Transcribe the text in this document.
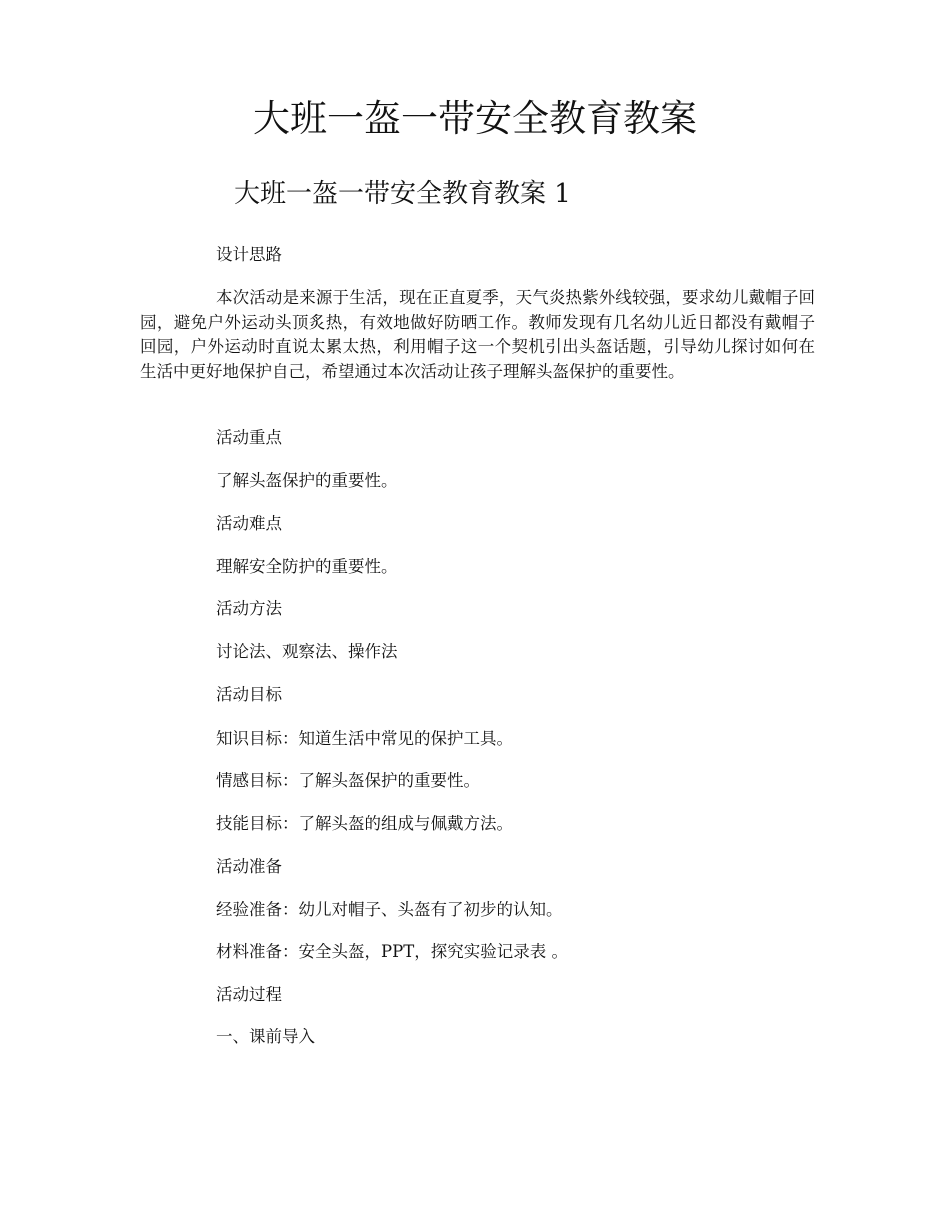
大班一盔一带安全教育教案
大班一盔一带安全教育教案 1

设计思路

本次活动是来源于生活，现在正直夏季，天气炎热紫外线较强，要求幼儿戴帽子回园，避免户外运动头顶炙热，有效地做好防晒工作。教师发现有几名幼儿近日都没有戴帽子回园，户外运动时直说太累太热，利用帽子这一个契机引出头盔话题，引导幼儿探讨如何在生活中更好地保护自己，希望通过本次活动让孩子理解头盔保护的重要性。

活动重点

了解头盔保护的重要性。

活动难点

理解安全防护的重要性。

活动方法

讨论法、观察法、操作法

活动目标

知识目标：知道生活中常见的保护工具。

情感目标：了解头盔保护的重要性。

技能目标：了解头盔的组成与佩戴方法。

活动准备

经验准备：幼儿对帽子、头盔有了初步的认知。

材料准备：安全头盔，PPT，探究实验记录表 。

活动过程

一、课前导入
